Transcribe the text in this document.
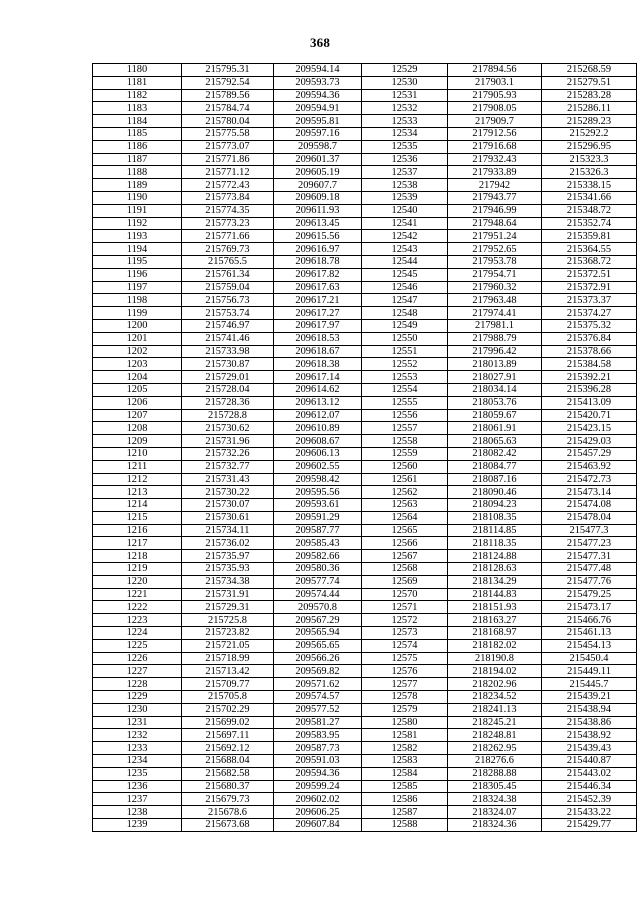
368
1180	215795.31	209594.14	12529	217894.56	215268.59
1181	215792.54	209593.73	12530	217903.1	215279.51
1182	215789.56	209594.36	12531	217905.93	215283.28
1183	215784.74	209594.91	12532	217908.05	215286.11
1184	215780.04	209595.81	12533	217909.7	215289.23
1185	215775.58	209597.16	12534	217912.56	215292.2
1186	215773.07	209598.7	12535	217916.68	215296.95
1187	215771.86	209601.37	12536	217932.43	215323.3
1188	215771.12	209605.19	12537	217933.89	215326.3
1189	215772.43	209607.7	12538	217942	215338.15
1190	215773.84	209609.18	12539	217943.77	215341.66
1191	215774.35	209611.93	12540	217946.99	215348.72
1192	215773.23	209613.45	12541	217948.64	215352.74
1193	215771.66	209615.56	12542	217951.24	215359.81
1194	215769.73	209616.97	12543	217952.65	215364.55
1195	215765.5	209618.78	12544	217953.78	215368.72
1196	215761.34	209617.82	12545	217954.71	215372.51
1197	215759.04	209617.63	12546	217960.32	215372.91
1198	215756.73	209617.21	12547	217963.48	215373.37
1199	215753.74	209617.27	12548	217974.41	215374.27
1200	215746.97	209617.97	12549	217981.1	215375.32
1201	215741.46	209618.53	12550	217988.79	215376.84
1202	215733.98	209618.67	12551	217996.42	215378.66
1203	215730.87	209618.38	12552	218013.89	215384.58
1204	215729.01	209617.14	12553	218027.91	215392.21
1205	215728.04	209614.62	12554	218034.14	215396.28
1206	215728.36	209613.12	12555	218053.76	215413.09
1207	215728.8	209612.07	12556	218059.67	215420.71
1208	215730.62	209610.89	12557	218061.91	215423.15
1209	215731.96	209608.67	12558	218065.63	215429.03
1210	215732.26	209606.13	12559	218082.42	215457.29
1211	215732.77	209602.55	12560	218084.77	215463.92
1212	215731.43	209598.42	12561	218087.16	215472.73
1213	215730.22	209595.56	12562	218090.46	215473.14
1214	215730.07	209593.61	12563	218094.23	215474.08
1215	215730.61	209591.29	12564	218108.35	215478.04
1216	215734.11	209587.77	12565	218114.85	215477.3
1217	215736.02	209585.43	12566	218118.35	215477.23
1218	215735.97	209582.66	12567	218124.88	215477.31
1219	215735.93	209580.36	12568	218128.63	215477.48
1220	215734.38	209577.74	12569	218134.29	215477.76
1221	215731.91	209574.44	12570	218144.83	215479.25
1222	215729.31	209570.8	12571	218151.93	215473.17
1223	215725.8	209567.29	12572	218163.27	215466.76
1224	215723.82	209565.94	12573	218168.97	215461.13
1225	215721.05	209565.65	12574	218182.02	215454.13
1226	215718.99	209566.26	12575	218190.8	215450.4
1227	215713.42	209569.82	12576	218194.02	215449.11
1228	215709.77	209571.62	12577	218202.96	215445.7
1229	215705.8	209574.57	12578	218234.52	215439.21
1230	215702.29	209577.52	12579	218241.13	215438.94
1231	215699.02	209581.27	12580	218245.21	215438.86
1232	215697.11	209583.95	12581	218248.81	215438.92
1233	215692.12	209587.73	12582	218262.95	215439.43
1234	215688.04	209591.03	12583	218276.6	215440.87
1235	215682.58	209594.36	12584	218288.88	215443.02
1236	215680.37	209599.24	12585	218305.45	215446.34
1237	215679.73	209602.02	12586	218324.38	215452.39
1238	215678.6	209606.25	12587	218324.07	215433.22
1239	215673.68	209607.84	12588	218324.36	215429.77
